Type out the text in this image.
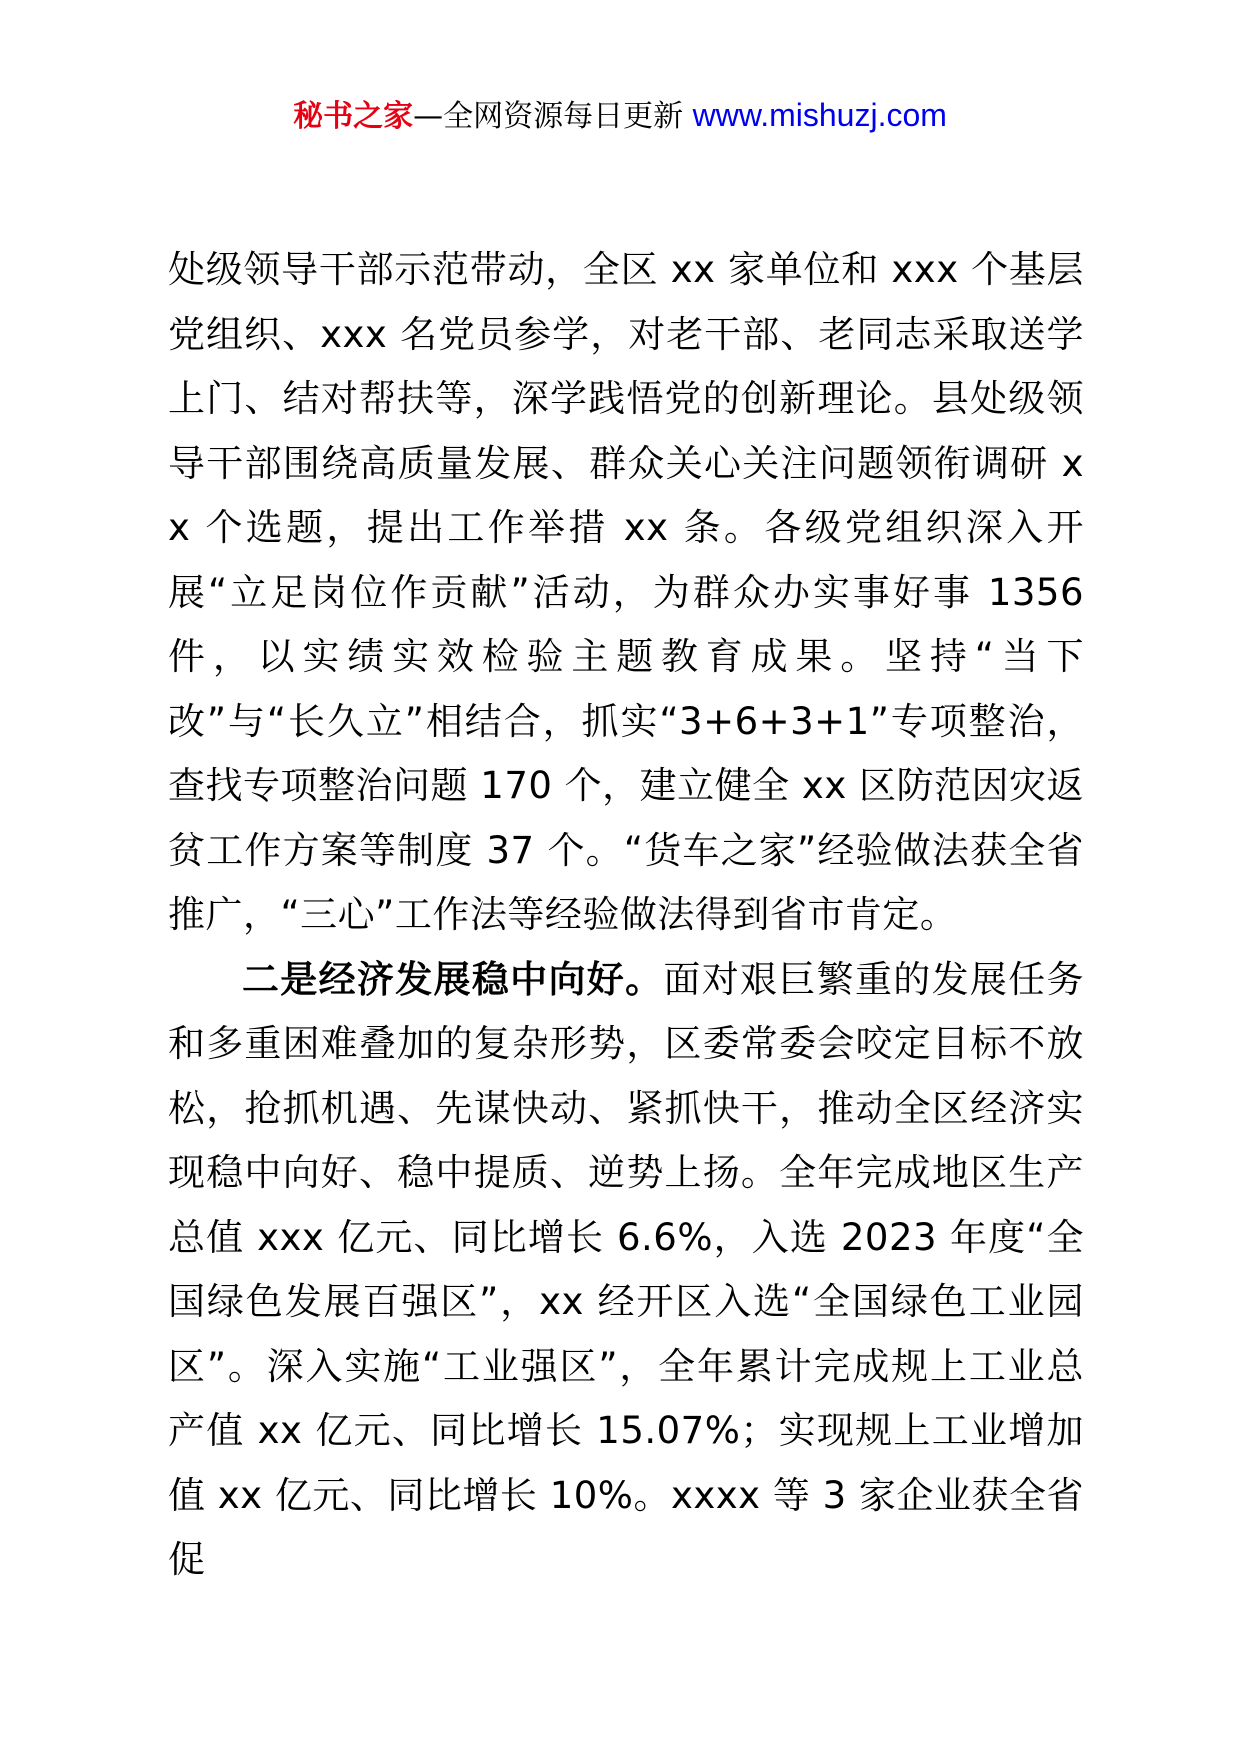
秘书之家—全网资源每日更新 www.mishuzj.com

处级领导干部示范带动，全区 xx 家单位和 xxx 个基层党组织、xxx 名党员参学，对老干部、老同志采取送学上门、结对帮扶等，深学践悟党的创新理论。县处级领导干部围绕高质量发展、群众关心关注问题领衔调研 xx 个选题，提出工作举措 xx 条。各级党组织深入开展“立足岗位作贡献”活动，为群众办实事好事 1356 件，以实绩实效检验主题教育成果。坚持“当下改”与“长久立”相结合，抓实“3+6+3+1”专项整治，查找专项整治问题 170 个，建立健全 xx 区防范因灾返贫工作方案等制度 37 个。“货车之家”经验做法获全省推广，“三心”工作法等经验做法得到省市肯定。

二是经济发展稳中向好。面对艰巨繁重的发展任务和多重困难叠加的复杂形势，区委常委会咬定目标不放松，抢抓机遇、先谋快动、紧抓快干，推动全区经济实现稳中向好、稳中提质、逆势上扬。全年完成地区生产总值 xxx 亿元、同比增长 6.6%，入选 2023 年度“全国绿色发展百强区”，xx 经开区入选“全国绿色工业园区”。深入实施“工业强区”，全年累计完成规上工业总产值 xx 亿元、同比增长 15.07%；实现规上工业增加值 xx 亿元、同比增长 10%。xxxx 等 3 家企业获全省促
